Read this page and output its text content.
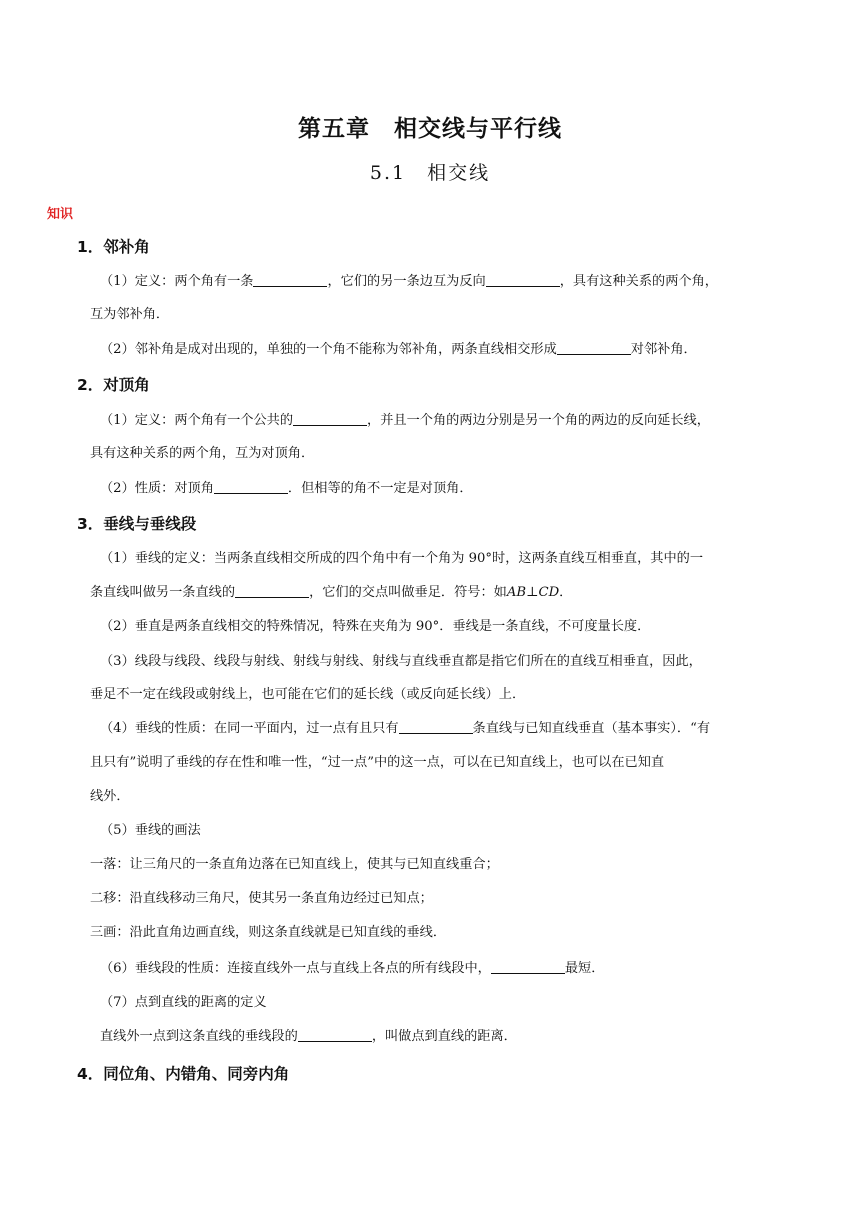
第五章　相交线与平行线
5.1　相交线
知识
1．邻补角
（1）定义：两个角有一条	，它们的另一条边互为反向	，具有这种关系的两个角，
互为邻补角．
（2）邻补角是成对出现的，单独的一个角不能称为邻补角，两条直线相交形成	对邻补角．
2．对顶角
（1）定义：两个角有一个公共的	，并且一个角的两边分别是另一个角的两边的反向延长线，
具有这种关系的两个角，互为对顶角．
（2）性质：对顶角	．但相等的角不一定是对顶角．
3．垂线与垂线段
（1）垂线的定义：当两条直线相交所成的四个角中有一个角为 90°时，这两条直线互相垂直，其中的一
条直线叫做另一条直线的	，它们的交点叫做垂足．符号：如AB⊥CD．
（2）垂直是两条直线相交的特殊情况，特殊在夹角为 90°．垂线是一条直线，不可度量长度．
（3）线段与线段、线段与射线、射线与射线、射线与直线垂直都是指它们所在的直线互相垂直，因此，
垂足不一定在线段或射线上，也可能在它们的延长线（或反向延长线）上．
（4）垂线的性质：在同一平面内，过一点有且只有	条直线与已知直线垂直（基本事实）．“有
且只有”说明了垂线的存在性和唯一性，“过一点”中的这一点，可以在已知直线上，也可以在已知直
线外．
（5）垂线的画法
一落：让三角尺的一条直角边落在已知直线上，使其与已知直线重合；
二移：沿直线移动三角尺，使其另一条直角边经过已知点；
三画：沿此直角边画直线，则这条直线就是已知直线的垂线．
（6）垂线段的性质：连接直线外一点与直线上各点的所有线段中，	最短．
（7）点到直线的距离的定义
直线外一点到这条直线的垂线段的	，叫做点到直线的距离．
4．同位角、内错角、同旁内角
